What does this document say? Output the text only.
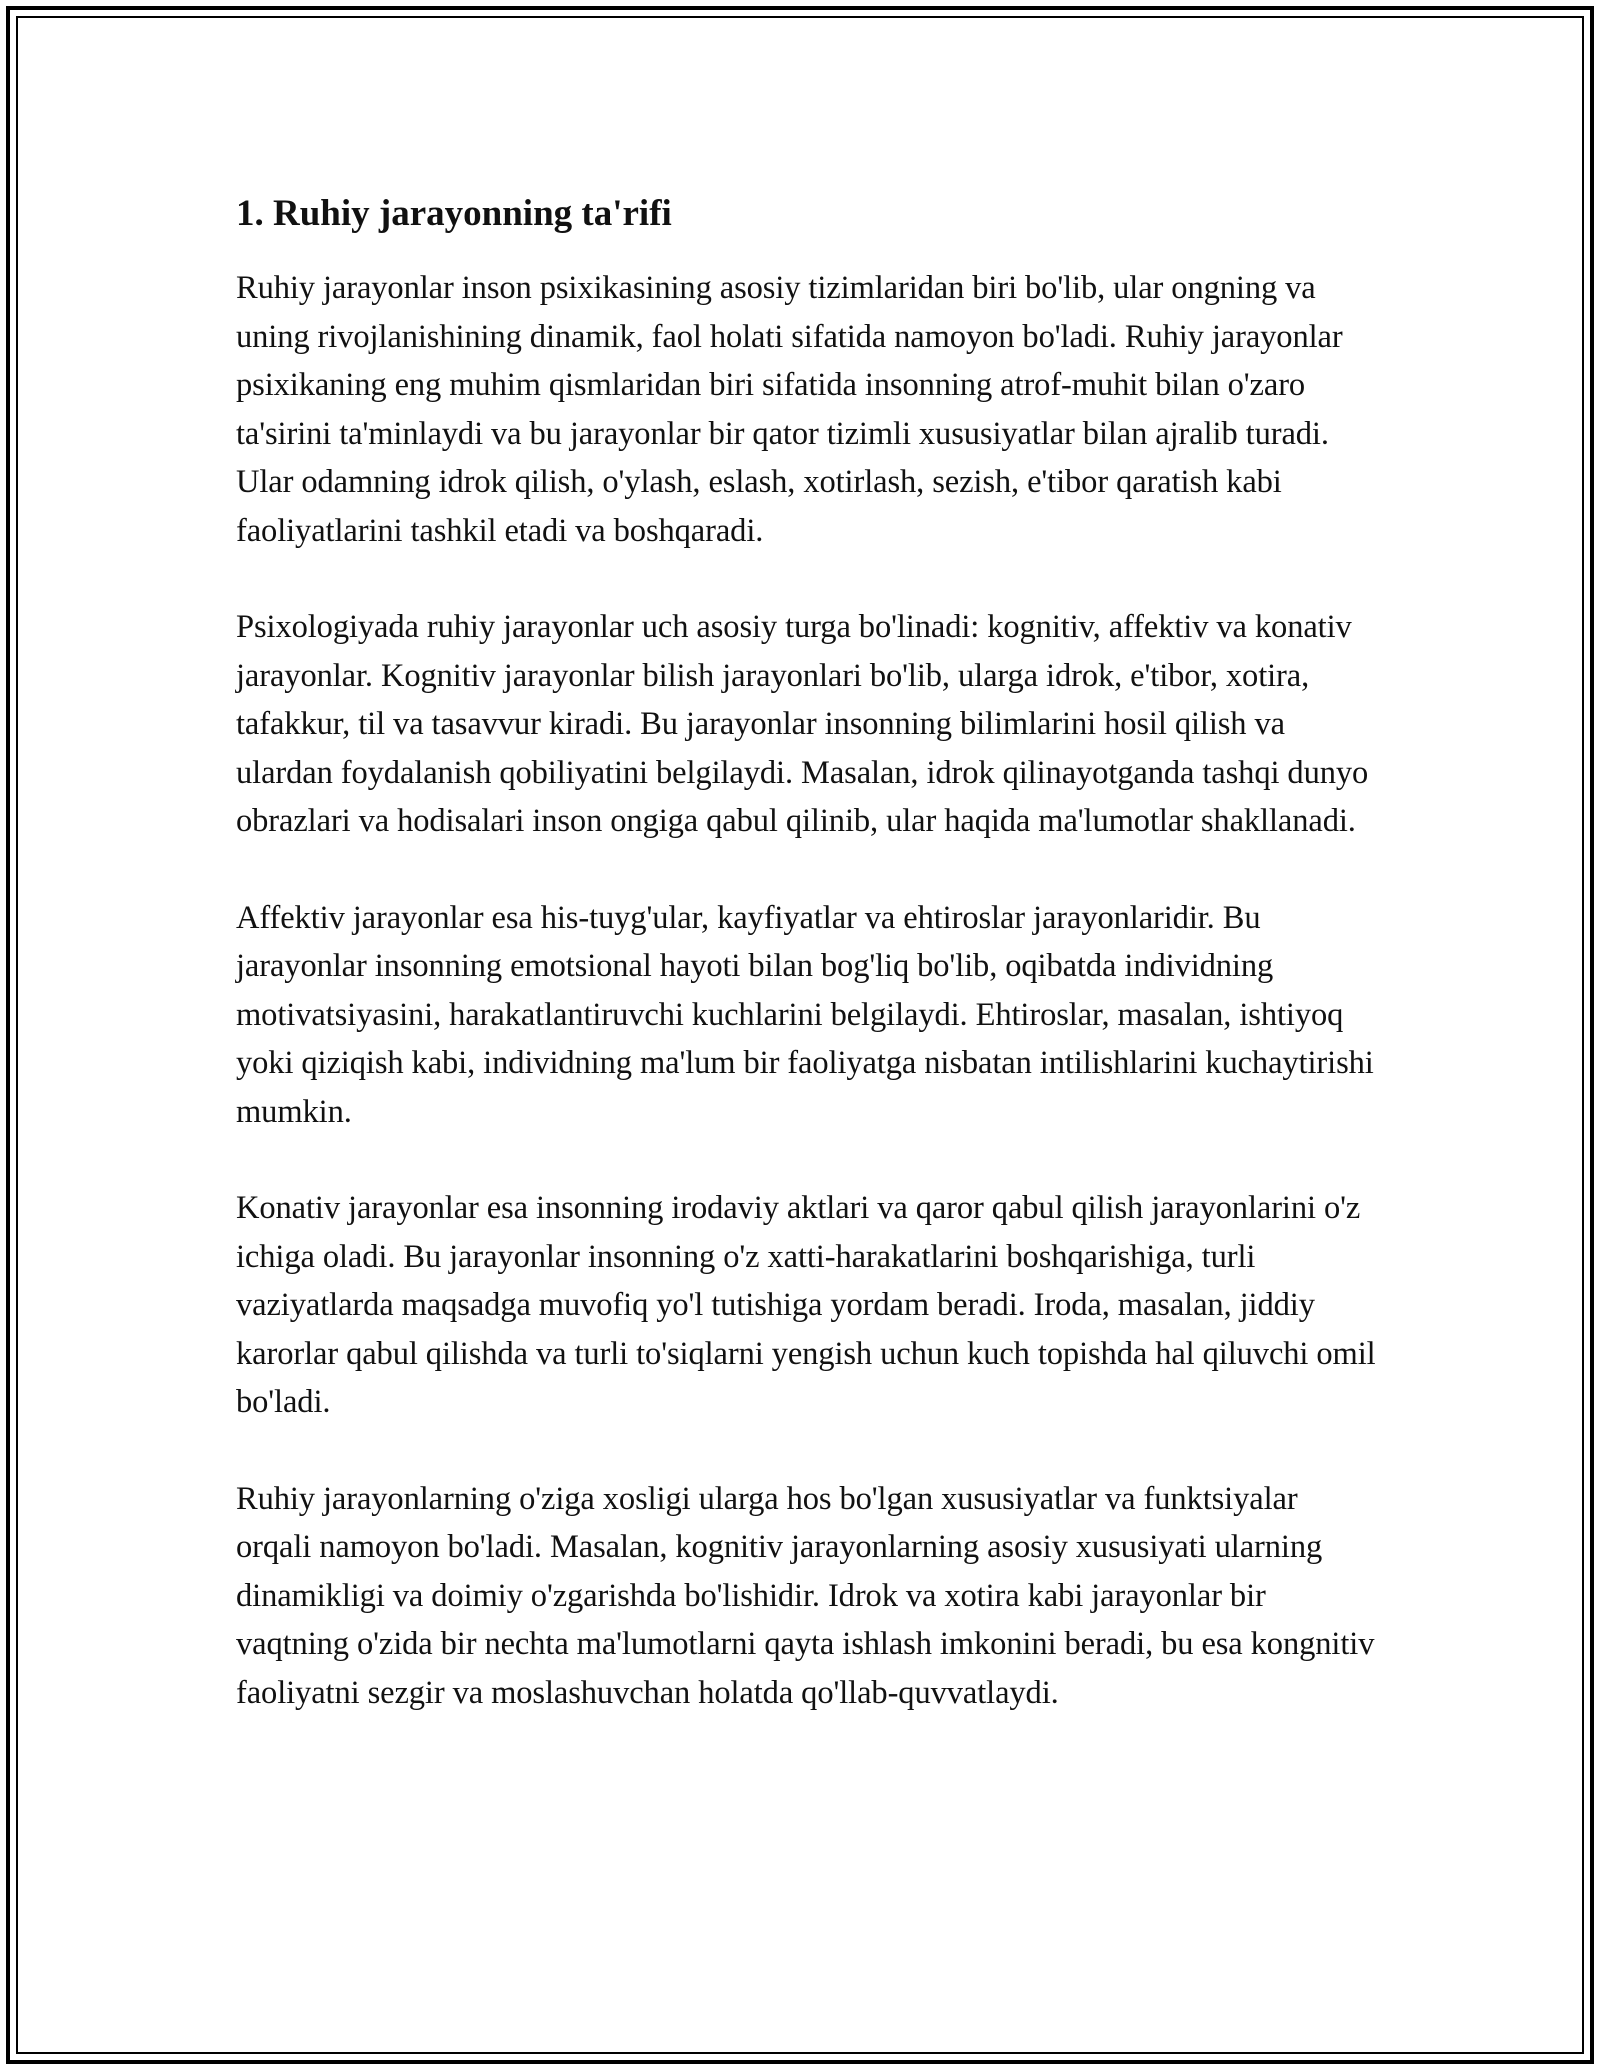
1. Ruhiy jarayonning ta'rifi

Ruhiy jarayonlar inson psixikasining asosiy tizimlaridan biri bo'lib, ular ongning va uning rivojlanishining dinamik, faol holati sifatida namoyon bo'ladi. Ruhiy jarayonlar psixikaning eng muhim qismlaridan biri sifatida insonning atrof-muhit bilan o'zaro ta'sirini ta'minlaydi va bu jarayonlar bir qator tizimli xususiyatlar bilan ajralib turadi. Ular odamning idrok qilish, o'ylash, eslash, xotirlash, sezish, e'tibor qaratish kabi faoliyatlarini tashkil etadi va boshqaradi.

Psixologiyada ruhiy jarayonlar uch asosiy turga bo'linadi: kognitiv, affektiv va konativ jarayonlar. Kognitiv jarayonlar bilish jarayonlari bo'lib, ularga idrok, e'tibor, xotira, tafakkur, til va tasavvur kiradi. Bu jarayonlar insonning bilimlarini hosil qilish va ulardan foydalanish qobiliyatini belgilaydi. Masalan, idrok qilinayotganda tashqi dunyo obrazlari va hodisalari inson ongiga qabul qilinib, ular haqida ma'lumotlar shakllanadi.

Affektiv jarayonlar esa his-tuyg'ular, kayfiyatlar va ehtiroslar jarayonlaridir. Bu jarayonlar insonning emotsional hayoti bilan bog'liq bo'lib, oqibatda individning motivatsiyasini, harakatlantiruvchi kuchlarini belgilaydi. Ehtiroslar, masalan, ishtiyoq yoki qiziqish kabi, individning ma'lum bir faoliyatga nisbatan intilishlarini kuchaytirishi mumkin.

Konativ jarayonlar esa insonning irodaviy aktlari va qaror qabul qilish jarayonlarini o'z ichiga oladi. Bu jarayonlar insonning o'z xatti-harakatlarini boshqarishiga, turli vaziyatlarda maqsadga muvofiq yo'l tutishiga yordam beradi. Iroda, masalan, jiddiy karorlar qabul qilishda va turli to'siqlarni yengish uchun kuch topishda hal qiluvchi omil bo'ladi.

Ruhiy jarayonlarning o'ziga xosligi ularga hos bo'lgan xususiyatlar va funktsiyalar orqali namoyon bo'ladi. Masalan, kognitiv jarayonlarning asosiy xususiyati ularning dinamikligi va doimiy o'zgarishda bo'lishidir. Idrok va xotira kabi jarayonlar bir vaqtning o'zida bir nechta ma'lumotlarni qayta ishlash imkonini beradi, bu esa kongnitiv faoliyatni sezgir va moslashuvchan holatda qo'llab-quvvatlaydi.
